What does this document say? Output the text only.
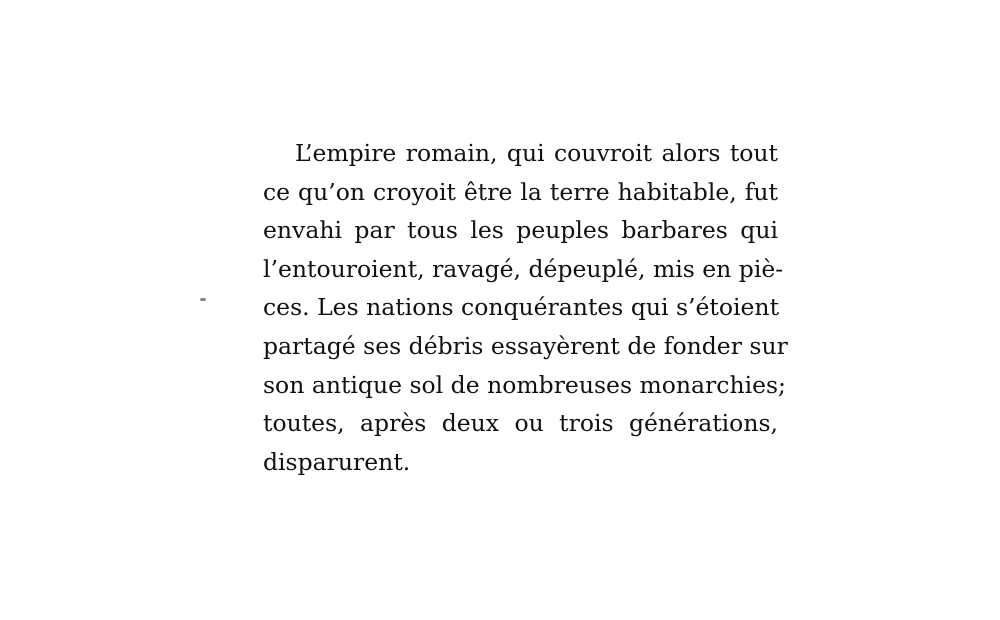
L’empire romain, qui couvroit alors tout
ce qu’on croyoit être la terre habitable, fut
envahi par tous les peuples barbares qui
l’entouroient, ravagé, dépeuplé, mis en piè-
ces. Les nations conquérantes qui s’étoient
partagé ses débris essayèrent de fonder sur
son antique sol de nombreuses monarchies;
toutes, après deux ou trois générations,
disparurent.
